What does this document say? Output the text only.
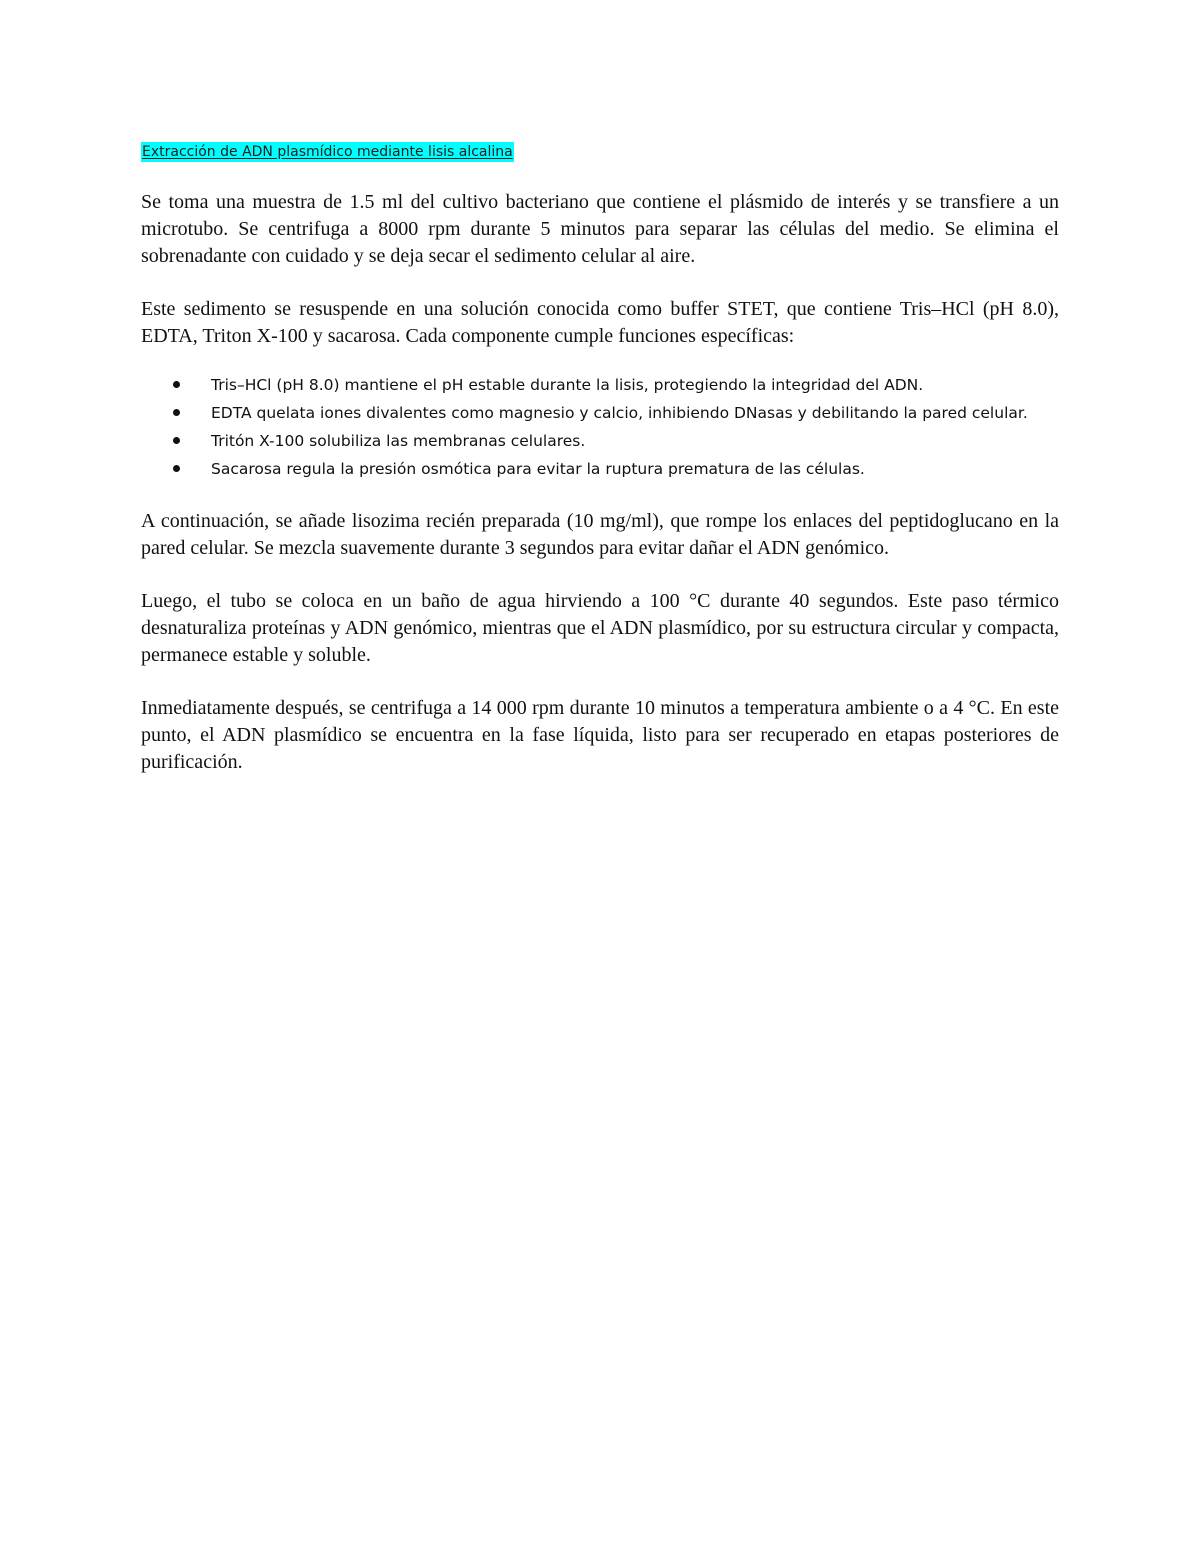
Extracción de ADN plasmídico mediante lisis alcalina

Se toma una muestra de 1.5 ml del cultivo bacteriano que contiene el plásmido de interés y se transfiere a un microtubo. Se centrifuga a 8000 rpm durante 5 minutos para separar las células del medio. Se elimina el sobrenadante con cuidado y se deja secar el sedimento celular al aire.

Este sedimento se resuspende en una solución conocida como buffer STET, que contiene Tris–HCl (pH 8.0), EDTA, Triton X-100 y sacarosa. Cada componente cumple funciones específicas:

Tris–HCl (pH 8.0) mantiene el pH estable durante la lisis, protegiendo la integridad del ADN.
EDTA quelata iones divalentes como magnesio y calcio, inhibiendo DNasas y debilitando la pared celular.
Tritón X-100 solubiliza las membranas celulares.
Sacarosa regula la presión osmótica para evitar la ruptura prematura de las células.

A continuación, se añade lisozima recién preparada (10 mg/ml), que rompe los enlaces del peptidoglucano en la pared celular. Se mezcla suavemente durante 3 segundos para evitar dañar el ADN genómico.

Luego, el tubo se coloca en un baño de agua hirviendo a 100 °C durante 40 segundos. Este paso térmico desnaturaliza proteínas y ADN genómico, mientras que el ADN plasmídico, por su estructura circular y compacta, permanece estable y soluble.

Inmediatamente después, se centrifuga a 14 000 rpm durante 10 minutos a temperatura ambiente o a 4 °C. En este punto, el ADN plasmídico se encuentra en la fase líquida, listo para ser recuperado en etapas posteriores de purificación.
